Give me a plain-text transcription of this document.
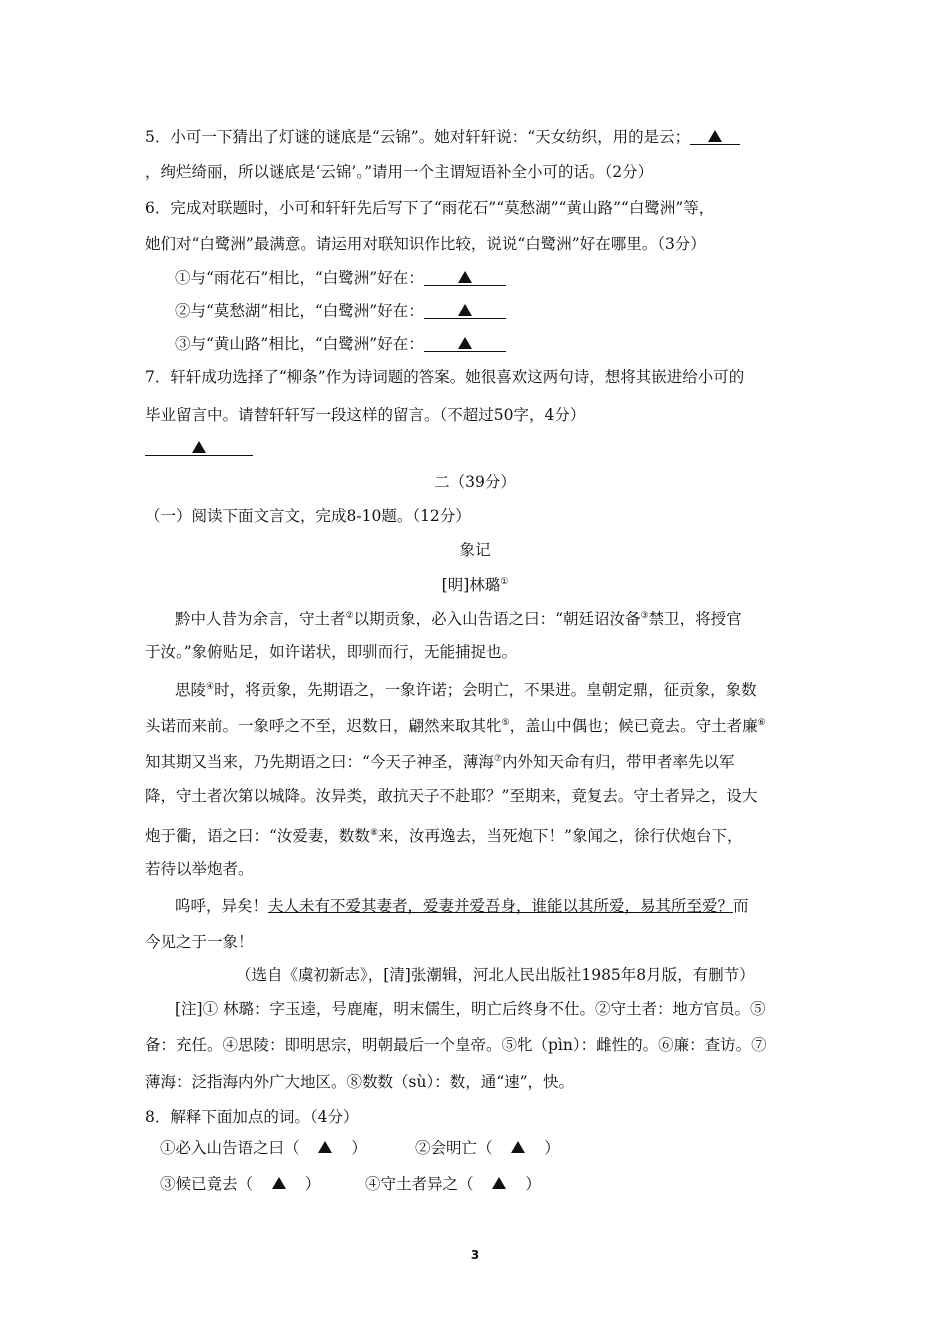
5．小可一下猜出了灯谜的谜底是“云锦”。她对轩轩说：“天女纺织，用的是云；
，绚烂绮丽，所以谜底是‘云锦’。”请用一个主谓短语补全小可的话。（2分）
6．完成对联题时，小可和轩轩先后写下了“雨花石”“莫愁湖”“黄山路”“白鹭洲”等，
她们对“白鹭洲”最满意。请运用对联知识作比较，说说“白鹭洲”好在哪里。（3分）
①与“雨花石”相比，“白鹭洲”好在：
②与“莫愁湖”相比，“白鹭洲”好在：
③与“黄山路”相比，“白鹭洲”好在：
7．轩轩成功选择了“柳条”作为诗词题的答案。她很喜欢这两句诗，想将其嵌进给小可的
毕业留言中。请替轩轩写一段这样的留言。（不超过50字，4分）
二（39分）
（一）阅读下面文言文，完成8-10题。（12分）
象记
[明]林璐①
黔中人昔为余言，守土者②以期贡象，必入山告语之曰：“朝廷诏汝备③禁卫，将授官
于汝。”象俯贴足，如许诺状，即驯而行，无能捕捉也。
思陵④时，将贡象，先期语之，一象许诺；会明亡，不果进。皇朝定鼎，征贡象，象数
头诺而来前。一象呼之不至，迟数日，翩然来取其牝⑤，盖山中偶也；候已竟去。守土者廉⑥
知其期又当来，乃先期语之曰：“今天子神圣，薄海⑦内外知天命有归，带甲者率先以军
降，守土者次第以城降。汝异类，敢抗天子不赴耶？”至期来，竟复去。守土者异之，设大
炮于衢，语之曰：“汝爱妻，数数⑧来，汝再逸去，当死炮下！”象闻之，徐行伏炮台下，
若待以举炮者。
呜呼，异矣！夫人未有不爱其妻者，爱妻并爱吾身，谁能以其所爱，易其所至爱？而
今见之于一象！
（选自《虞初新志》，[清]张潮辑，河北人民出版社1985年8月版，有删节）
[注]① 林璐：字玉逵，号鹿庵，明末儒生，明亡后终身不仕。②守土者：地方官员。⑤
备：充任。④思陵：即明思宗，明朝最后一个皇帝。⑤牝（pìn）：雌性的。⑥廉：查访。⑦
薄海：泛指海内外广大地区。⑧数数（sù）：数，通“速”，快。
8．解释下面加点的词。（4分）
①必入山告语之曰（	）	②会明亡（	）
③候已竟去（	）	④守土者异之（	）
3
